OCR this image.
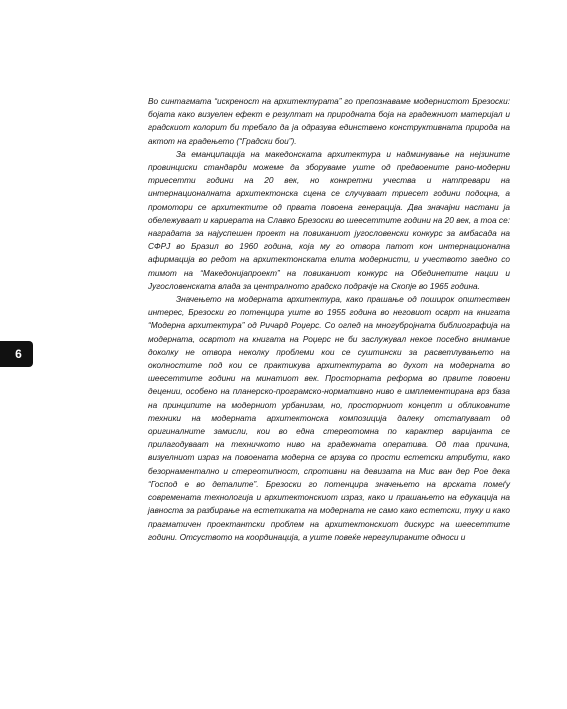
Во синтагмата “искреност на архитектурата” го препознаваме модернистот Брезоски: бојата како визуелен ефект е резултат на природната боја на градежниот материјал и градскиот колорит би требало да ја одразува единствено конструктивната природа на актот на градењето (“Градски бои”).

За еманципација на македонската архитектура и надминување на нејзините провинциски стандарди можеме да зборуваме уште од предвоените рано-модерни триесетти години на 20 век, но конкретни учества и натпревари на интернационалната архитектонска сцена се случуваат триесет години подоцна, а промотори се архитектите од првата повоена генерација. Два значајни настани ја обележуваат и кариерата на Славко Брезоски во шеесеттите години на 20 век, а тоа се: наградата за најуспешен проект на повиканиот југословенски конкурс за амбасада на СФРЈ во Бразил во 1960 година, која му го отвора патот кон интернационална афирмација во редот на архитектонската елита модернисти, и учеството заедно со тимот на “Македонијапроект” на повиканиот конкурс на Обединетите нации и Југословенската влада за централното градско подрачје на Скопје во 1965 година.

Значењето на модерната архитектура, како прашање од поширок општествен интерес, Брезоски го потенцира уште во 1955 година во неговиот осврт на книгата “Модерна архитектура” од Ричард Роџерс. Со оглед на многубројната библиографија на модерната, освртот на книгата на Роџерс не би заслужувал некое посебно внимание доколку не отвора неколку проблеми кои се суштински за расветлувањето на околностите под кои се практикува архитектурата во духот на модерната во шеесеттите години на минатиот век. Просторната реформа во првите повоени децении, особено на планерско-програмско-нормативно ниво е имплементирана врз база на принципите на модерниот урбанизам, но, просторниот концепт и обликовните техники на модерната архитектонска композиција далеку отстапуваат од оригиналните замисли, кои во една стереотомна по карактер варијанта се прилагодуваат на техничкото ниво на градежната оперaтива. Од таа причина, визуелниот израз на повоената модерна се врзува со прости естетски атрибути, како безорнаментално и стереотипност, спротивни на девизата на Мис ван дер Рое дека “Господ е во деталите”. Брезоски го потенцира значењето на врската помеѓу современата технологија и архитектонскиот израз, како и прашањето на едукација на јавноста за разбирање на естетиката на модерната не само како естетски, туку и како прагматичен проектантски проблем на архитектонскиот дискурс на шеесеттите години. Отсуството на координација, а уште повеќе нерегулираните односи и

6
